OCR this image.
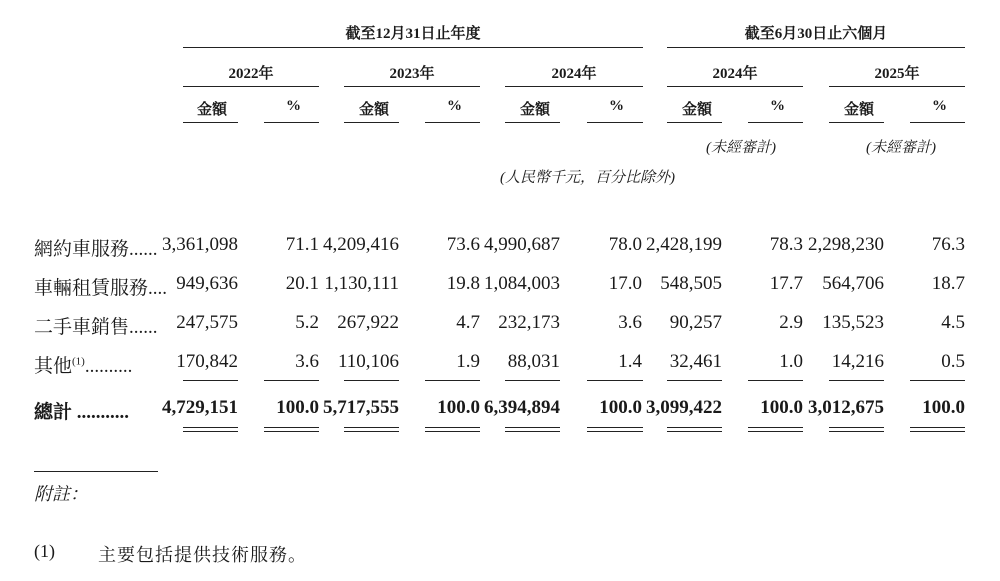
截至12月31日止年度	截至6月30日止六個月
2022年	2023年	2024年	2024年	2025年
金額	%	金額	%	金額	%	金額	%	金額	%
(未經審計)	(未經審計)
(人民幣千元，百分比除外)
網約車服務...... 3,361,098	71.1 4,209,416	73.6 4,990,687	78.0 2,428,199	78.3 2,298,230	76.3
車輛租賃服務.... 949,636	20.1 1,130,111	19.8 1,084,003	17.0 548,505	17.7 564,706	18.7
二手車銷售...... 247,575	5.2 267,922	4.7 232,173	3.6 90,257	2.9 135,523	4.5
其他$^{(1)}$.......... 170,842	3.6 110,106	1.9 88,031	1.4 32,461	1.0 14,216	0.5
總計 ........... 4,729,151 100.0 5,717,555 100.0 6,394,894 100.0 3,099,422 100.0 3,012,675 100.0
附註：
(1) 主要包括提供技術服務。
